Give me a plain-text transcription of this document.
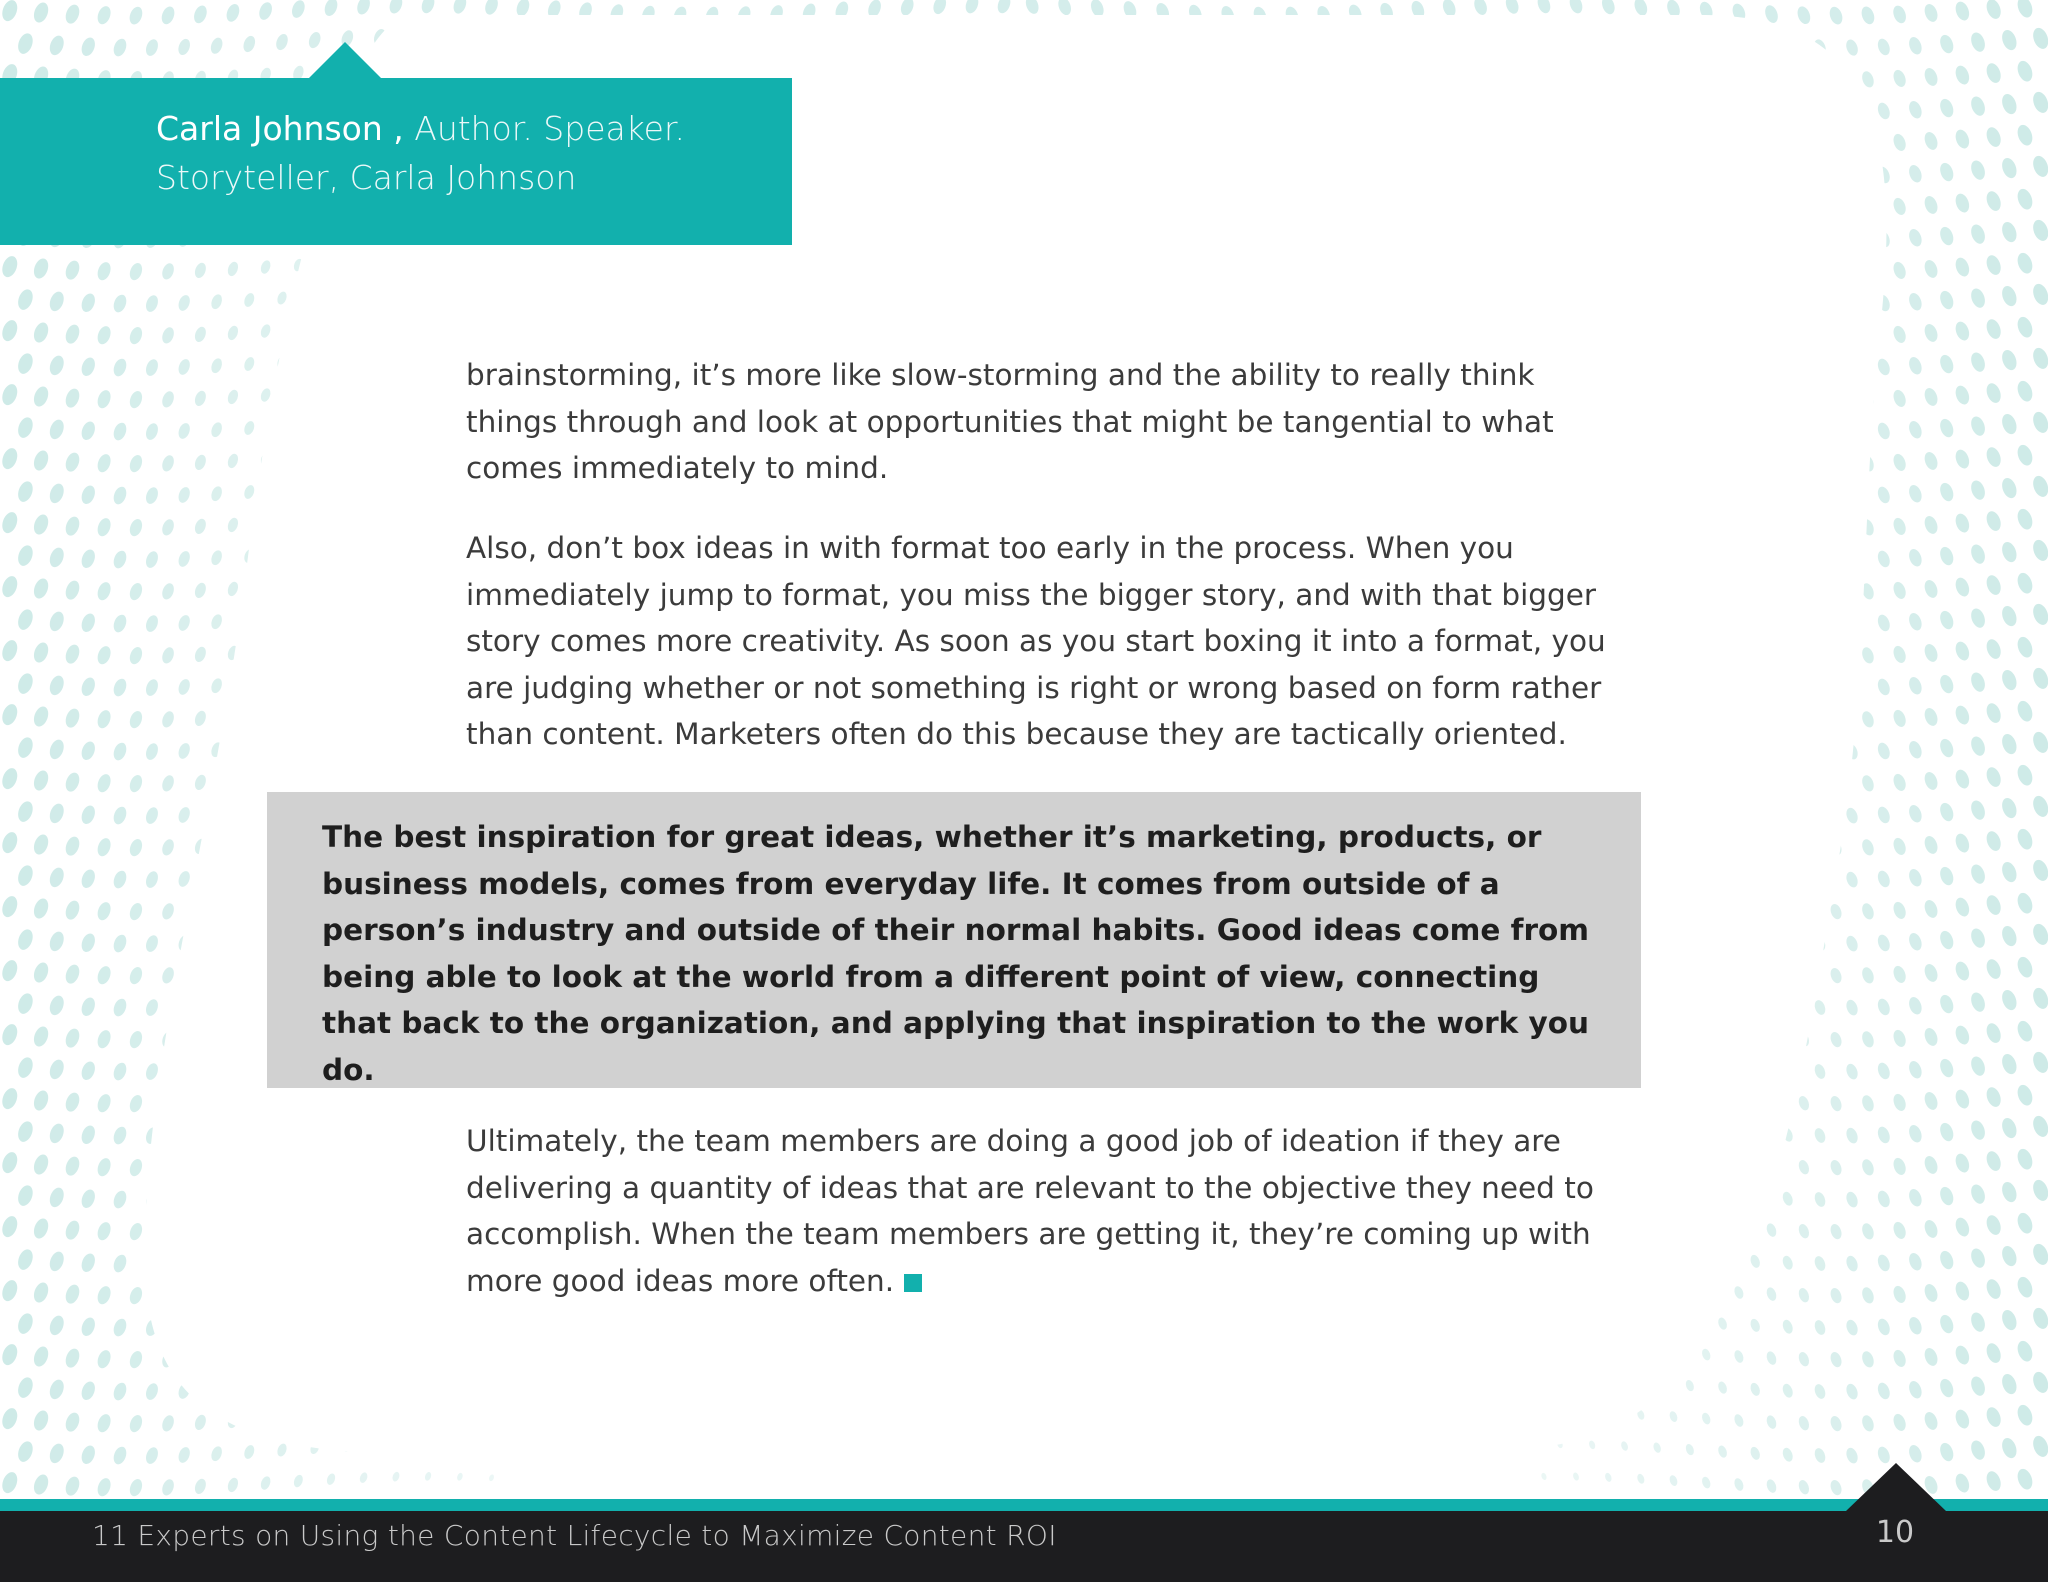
Carla Johnson , Author. Speaker. Storyteller, Carla Johnson

brainstorming, it’s more like slow-storming and the ability to really think things through and look at opportunities that might be tangential to what comes immediately to mind.

Also, don’t box ideas in with format too early in the process. When you immediately jump to format, you miss the bigger story, and with that bigger story comes more creativity. As soon as you start boxing it into a format, you are judging whether or not something is right or wrong based on form rather than content. Marketers often do this because they are tactically oriented.

The best inspiration for great ideas, whether it’s marketing, products, or business models, comes from everyday life. It comes from outside of a person’s industry and outside of their normal habits. Good ideas come from being able to look at the world from a different point of view, connecting that back to the organization, and applying that inspiration to the work you do.

Ultimately, the team members are doing a good job of ideation if they are delivering a quantity of ideas that are relevant to the objective they need to accomplish. When the team members are getting it, they’re coming up with more good ideas more often.

11 Experts on Using the Content Lifecycle to Maximize Content ROI	10
